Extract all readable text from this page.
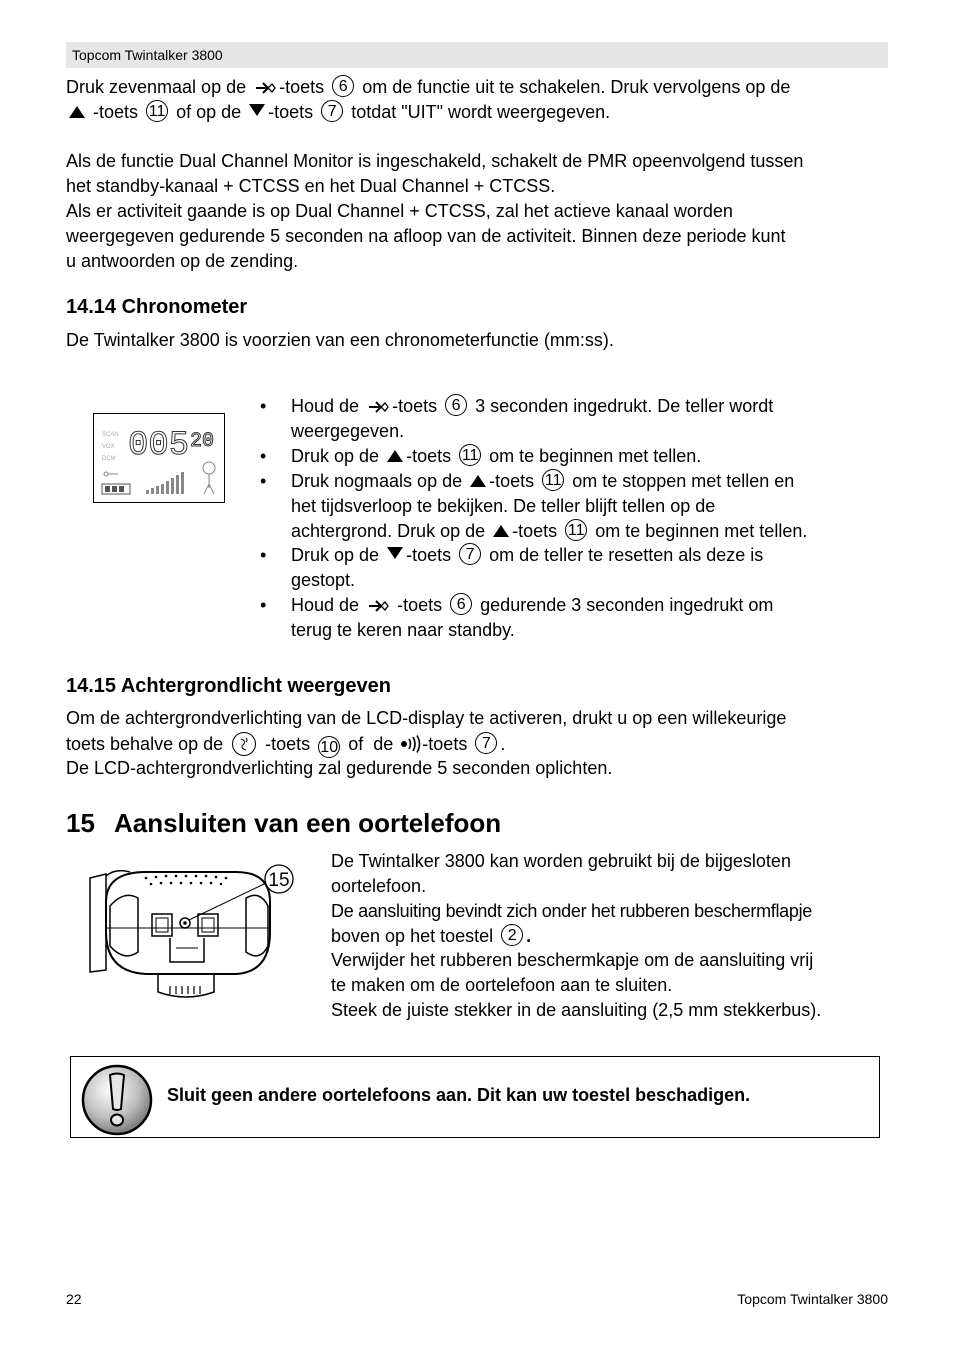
Topcom Twintalker 3800
Druk zevenmaal op de -toets 6 om de functie uit te schakelen. Druk vervolgens op de
-toets 11 of op de -toets 7 totdat "UIT" wordt weergegeven.
Als de functie Dual Channel Monitor is ingeschakeld, schakelt de PMR opeenvolgend tussen
het standby-kanaal + CTCSS en het Dual Channel + CTCSS.
Als er activiteit gaande is op Dual Channel + CTCSS, zal het actieve kanaal worden
weergegeven gedurende 5 seconden na afloop van de activiteit. Binnen deze periode kunt
u antwoorden op de zending.
14.14 Chronometer
De Twintalker 3800 is voorzien van een chronometerfunctie (mm:ss).
SCAN
VOX
DCM 005 20
• Houd de -toets 6 3 seconden ingedrukt. De teller wordt
weergegeven.
• Druk op de -toets 11 om te beginnen met tellen.
• Druk nogmaals op de -toets 11 om te stoppen met tellen en
het tijdsverloop te bekijken. De teller blijft tellen op de
achtergrond. Druk op de -toets 11 om te beginnen met tellen.
• Druk op de -toets 7 om de teller te resetten als deze is
gestopt.
• Houd de -toets 6 gedurende 3 seconden ingedrukt om
terug te keren naar standby.
14.15 Achtergrondlicht weergeven
Om de achtergrondverlichting van de LCD-display te activeren, drukt u op een willekeurige
toets behalve op de -toets 10 of de -toets 7 .
De LCD-achtergrondverlichting zal gedurende 5 seconden oplichten.
15 Aansluiten van een oortelefoon
15
De Twintalker 3800 kan worden gebruikt bij de bijgesloten
oortelefoon.
De aansluiting bevindt zich onder het rubberen beschermflapje
boven op het toestel 2 .
Verwijder het rubberen beschermkapje om de aansluiting vrij
te maken om de oortelefoon aan te sluiten.
Steek de juiste stekker in de aansluiting (2,5 mm stekkerbus).
Sluit geen andere oortelefoons aan. Dit kan uw toestel beschadigen.
22	Topcom Twintalker 3800
